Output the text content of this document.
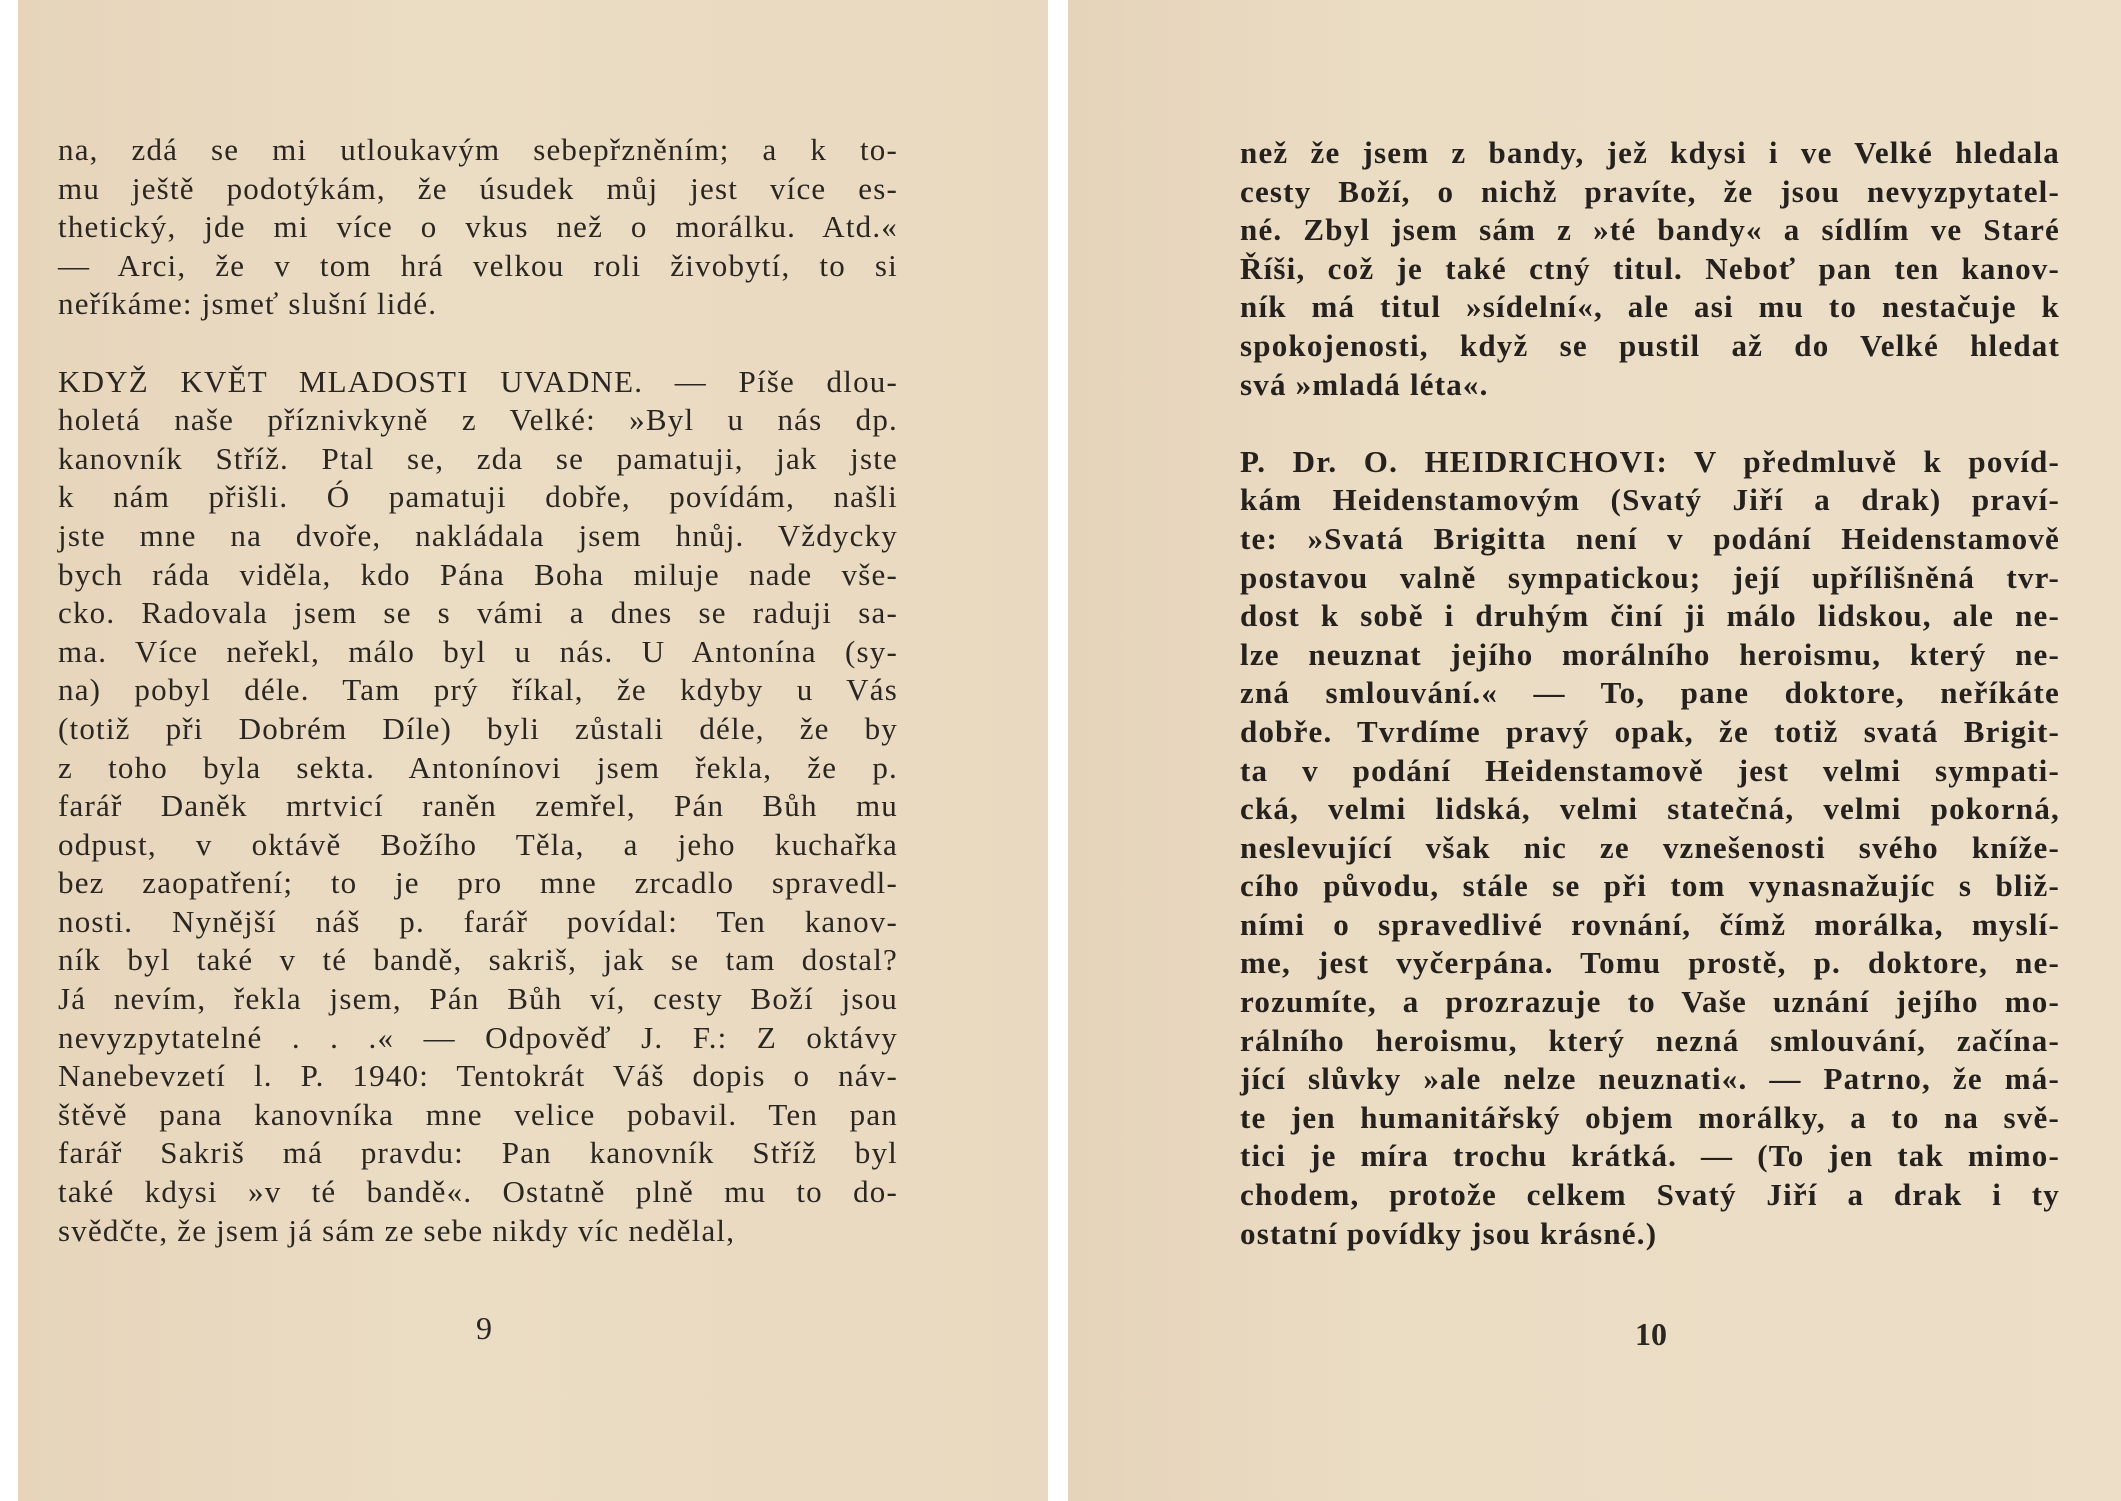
na, zdá se mi utloukavým sebepřzněním; a k to-
mu ještě podotýkám, že úsudek můj jest více es-
thetický, jde mi více o vkus než o morálku. Atd.«
— Arci, že v tom hrá velkou roli živobytí, to si
neříkáme: jsmeť slušní lidé.
KDYŽ KVĚT MLADOSTI UVADNE. — Píše dlou-
holetá naše příznivkyně z Velké: »Byl u nás dp.
kanovník Stříž. Ptal se, zda se pamatuji, jak jste
k nám přišli. Ó pamatuji dobře, povídám, našli
jste mne na dvoře, nakládala jsem hnůj. Vždycky
bych ráda viděla, kdo Pána Boha miluje nade vše-
cko. Radovala jsem se s vámi a dnes se raduji sa-
ma. Více neřekl, málo byl u nás. U Antonína (sy-
na) pobyl déle. Tam prý říkal, že kdyby u Vás
(totiž při Dobrém Díle) byli zůstali déle, že by
z toho byla sekta. Antonínovi jsem řekla, že p.
farář Daněk mrtvicí raněn zemřel, Pán Bůh mu
odpust, v oktávě Božího Těla, a jeho kuchařka
bez zaopatření; to je pro mne zrcadlo spravedl-
nosti. Nynější náš p. farář povídal: Ten kanov-
ník byl také v té bandě, sakriš, jak se tam dostal?
Já nevím, řekla jsem, Pán Bůh ví, cesty Boží jsou
nevyzpytatelné . . .« — Odpověď J. F.: Z oktávy
Nanebevzetí l. P. 1940: Tentokrát Váš dopis o náv-
štěvě pana kanovníka mne velice pobavil. Ten pan
farář Sakriš má pravdu: Pan kanovník Stříž byl
také kdysi »v té bandě«. Ostatně plně mu to do-
svědčte, že jsem já sám ze sebe nikdy víc nedělal,
9
než že jsem z bandy, jež kdysi i ve Velké hledala
cesty Boží, o nichž pravíte, že jsou nevyzpytatel-
né. Zbyl jsem sám z »té bandy« a sídlím ve Staré
Říši, což je také ctný titul. Neboť pan ten kanov-
ník má titul »sídelní«, ale asi mu to nestačuje k
spokojenosti, když se pustil až do Velké hledat
svá »mladá léta«.
P. Dr. O. HEIDRICHOVI: V předmluvě k povíd-
kám Heidenstamovým (Svatý Jiří a drak) praví-
te: »Svatá Brigitta není v podání Heidenstamově
postavou valně sympatickou; její upřílišněná tvr-
dost k sobě i druhým činí ji málo lidskou, ale ne-
lze neuznat jejího morálního heroismu, který ne-
zná smlouvání.« — To, pane doktore, neříkáte
dobře. Tvrdíme pravý opak, že totiž svatá Brigit-
ta v podání Heidenstamově jest velmi sympati-
cká, velmi lidská, velmi statečná, velmi pokorná,
neslevující však nic ze vznešenosti svého kníže-
cího původu, stále se při tom vynasnažujíc s bliž-
ními o spravedlivé rovnání, čímž morálka, myslí-
me, jest vyčerpána. Tomu prostě, p. doktore, ne-
rozumíte, a prozrazuje to Vaše uznání jejího mo-
rálního heroismu, který nezná smlouvání, začína-
jící slůvky »ale nelze neuznati«. — Patrno, že má-
te jen humanitářský objem morálky, a to na svě-
tici je míra trochu krátká. — (To jen tak mimo-
chodem, protože celkem Svatý Jiří a drak i ty
ostatní povídky jsou krásné.)
10
